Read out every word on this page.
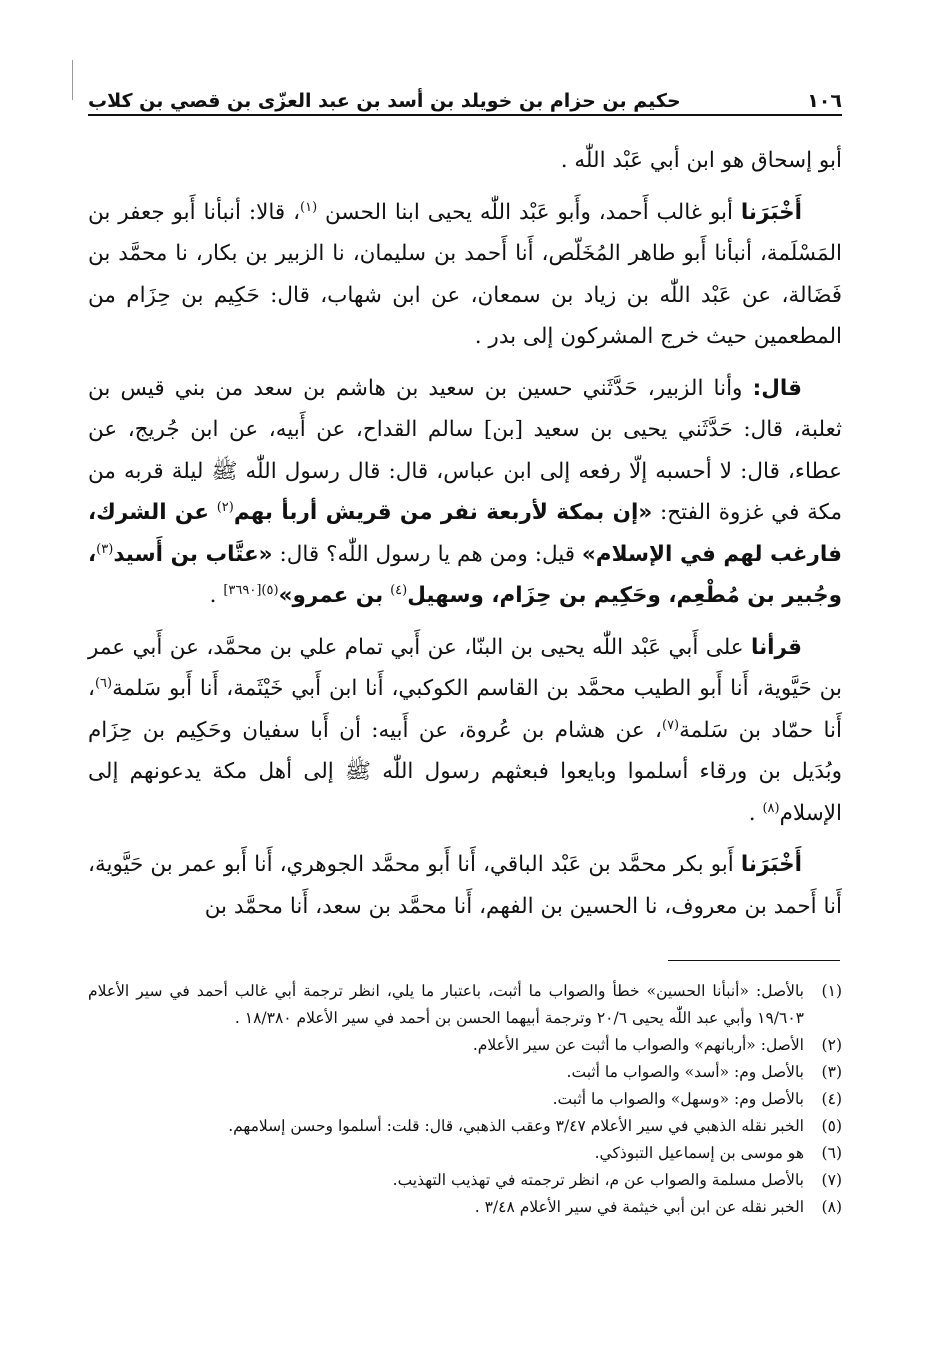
١٠٦
حكيم بن حزام بن خويلد بن أسد بن عبد العزّى بن قصي بن كلاب

أبو إسحاق هو ابن أبي عَبْد اللّٰه .

أَخْبَرَنا أبو غالب أَحمد، وأَبو عَبْد اللّٰه يحيى ابنا الحسن $^{(١)}$، قالا: أنبأنا أَبو جعفر بن المَسْلَمة، أنبأنا أَبو طاهر المُخَلّص، أَنا أَحمد بن سليمان، نا الزبير بن بكار، نا محمَّد بن فَضَالة، عن عَبْد اللّٰه بن زياد بن سمعان، عن ابن شهاب، قال: حَكِيم بن حِزَام من المطعمين حيث خرج المشركون إلى بدر .

قال: وأنا الزبير، حَدَّثَني حسين بن سعيد بن هاشم بن سعد من بني قيس بن ثعلبة، قال: حَدَّثَني يحيى بن سعيد [بن] سالم القداح، عن أَبيه، عن ابن جُريج، عن عطاء، قال: لا أحسبه إلّا رفعه إلى ابن عباس، قال: قال رسول اللّٰه ﷺ ليلة قربه من مكة في غزوة الفتح: «إن بمكة لأربعة نفر من قريش أربأ بهم$^{(٢)}$ عن الشرك، فارغب لهم في الإسلام» قيل: ومن هم يا رسول اللّٰه؟ قال: «عتَّاب بن أَسيد$^{(٣)}$، وجُبير بن مُطْعِم، وحَكِيم بن حِزَام، وسهيل$^{(٤)}$ بن عمرو»$^{(٥)[٣٦٩٠]}$ .

قرأنا على أَبي عَبْد اللّٰه يحيى بن البنّا، عن أَبي تمام علي بن محمَّد، عن أَبي عمر بن حَيَّوية، أَنا أَبو الطيب محمَّد بن القاسم الكوكبي، أَنا ابن أَبي خَيْثَمة، أَنا أَبو سَلمة$^{(٦)}$، أَنا حمّاد بن سَلمة$^{(٧)}$، عن هشام بن عُروة، عن أَبيه: أن أَبا سفيان وحَكِيم بن حِزَام وبُدَيل بن ورقاء أسلموا وبايعوا فبعثهم رسول اللّٰه ﷺ إلى أهل مكة يدعونهم إلى الإسلام$^{(٨)}$ .

أَخْبَرَنا أَبو بكر محمَّد بن عَبْد الباقي، أَنا أَبو محمَّد الجوهري، أَنا أَبو عمر بن حَيَّوية، أَنا أَحمد بن معروف، نا الحسين بن الفهم، أَنا محمَّد بن سعد، أَنا محمَّد بن

(١)
بالأصل: «أنبأنا الحسين» خطأ والصواب ما أثبت، باعتبار ما يلي، انظر ترجمة أبي غالب أحمد في سير الأعلام ١٩/٦٠٣ وأبي عبد اللّٰه يحيى ٢٠/٦ وترجمة أبيهما الحسن بن أحمد في سير الأعلام ١٨/٣٨٠ .
(٢)
الأصل: «أربانهم» والصواب ما أثبت عن سير الأعلام.
(٣)
بالأصل وم: «أسد» والصواب ما أثبت.
(٤)
بالأصل وم: «وسهل» والصواب ما أثبت.
(٥)
الخبر نقله الذهبي في سير الأعلام ٣/٤٧ وعقب الذهبي، قال: قلت: أسلموا وحسن إسلامهم.
(٦)
هو موسى بن إسماعيل التبوذكي.
(٧)
بالأصل مسلمة والصواب عن م، انظر ترجمته في تهذيب التهذيب.
(٨)
الخبر نقله عن ابن أبي خيثمة في سير الأعلام ٣/٤٨ .
